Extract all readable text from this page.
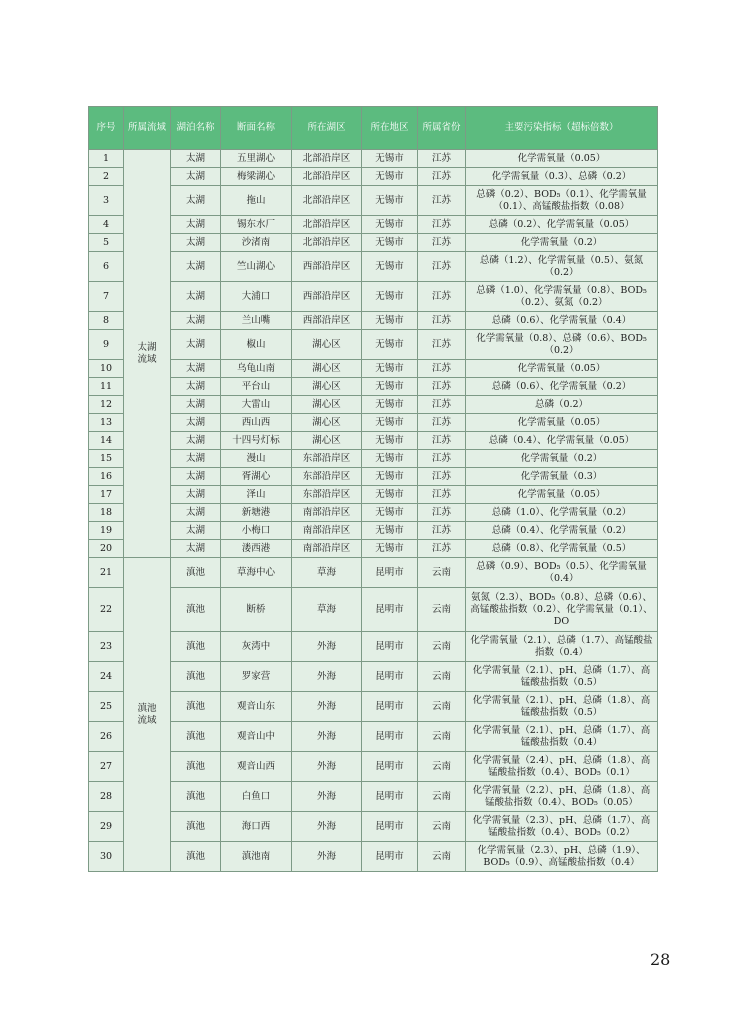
序号	所属流域	湖泊名称	断面名称	所在湖区	所在地区	所属省份	主要污染指标（超标倍数）
1	太湖流域	太湖	五里湖心	北部沿岸区	无锡市	江苏	化学需氧量（0.05）
2		太湖	梅梁湖心	北部沿岸区	无锡市	江苏	化学需氧量（0.3）、总磷（0.2）
3		太湖	拖山	北部沿岸区	无锡市	江苏	总磷（0.2）、BOD₅（0.1）、化学需氧量（0.1）、高锰酸盐指数（0.08）
4		太湖	锡东水厂	北部沿岸区	无锡市	江苏	总磷（0.2）、化学需氧量（0.05）
5		太湖	沙渚南	北部沿岸区	无锡市	江苏	化学需氧量（0.2）
6		太湖	竺山湖心	西部沿岸区	无锡市	江苏	总磷（1.2）、化学需氧量（0.5）、氨氮（0.2）
7		太湖	大浦口	西部沿岸区	无锡市	江苏	总磷（1.0）、化学需氧量（0.8）、BOD₅（0.2）、氨氮（0.2）
8		太湖	兰山嘴	西部沿岸区	无锡市	江苏	总磷（0.6）、化学需氧量（0.4）
9		太湖	椒山	湖心区	无锡市	江苏	化学需氧量（0.8）、总磷（0.6）、BOD₅（0.2）
10		太湖	乌龟山南	湖心区	无锡市	江苏	化学需氧量（0.05）
11		太湖	平台山	湖心区	无锡市	江苏	总磷（0.6）、化学需氧量（0.2）
12		太湖	大雷山	湖心区	无锡市	江苏	总磷（0.2）
13		太湖	西山西	湖心区	无锡市	江苏	化学需氧量（0.05）
14		太湖	十四号灯标	湖心区	无锡市	江苏	总磷（0.4）、化学需氧量（0.05）
15		太湖	漫山	东部沿岸区	无锡市	江苏	化学需氧量（0.2）
16		太湖	胥湖心	东部沿岸区	无锡市	江苏	化学需氧量（0.3）
17		太湖	泽山	东部沿岸区	无锡市	江苏	化学需氧量（0.05）
18		太湖	新塘港	南部沿岸区	无锡市	江苏	总磷（1.0）、化学需氧量（0.2）
19		太湖	小梅口	南部沿岸区	无锡市	江苏	总磷（0.4）、化学需氧量（0.2）
20		太湖	溇西港	南部沿岸区	无锡市	江苏	总磷（0.8）、化学需氧量（0.5）
21	滇池流域	滇池	草海中心	草海	昆明市	云南	总磷（0.9）、BOD₅（0.5）、化学需氧量（0.4）
22		滇池	断桥	草海	昆明市	云南	氨氮（2.3）、BOD₅（0.8）、总磷（0.6）、高锰酸盐指数（0.2）、化学需氧量（0.1）、DO
23		滇池	灰湾中	外海	昆明市	云南	化学需氧量（2.1）、总磷（1.7）、高锰酸盐指数（0.4）
24		滇池	罗家营	外海	昆明市	云南	化学需氧量（2.1）、pH、总磷（1.7）、高锰酸盐指数（0.5）
25		滇池	观音山东	外海	昆明市	云南	化学需氧量（2.1）、pH、总磷（1.8）、高锰酸盐指数（0.5）
26		滇池	观音山中	外海	昆明市	云南	化学需氧量（2.1）、pH、总磷（1.7）、高锰酸盐指数（0.4）
27		滇池	观音山西	外海	昆明市	云南	化学需氧量（2.4）、pH、总磷（1.8）、高锰酸盐指数（0.4）、BOD₅（0.1）
28		滇池	白鱼口	外海	昆明市	云南	化学需氧量（2.2）、pH、总磷（1.8）、高锰酸盐指数（0.4）、BOD₅（0.05）
29		滇池	海口西	外海	昆明市	云南	化学需氧量（2.3）、pH、总磷（1.7）、高锰酸盐指数（0.4）、BOD₅（0.2）
30		滇池	滇池南	外海	昆明市	云南	化学需氧量（2.3）、pH、总磷（1.9）、BOD₅（0.9）、高锰酸盐指数（0.4）
28
